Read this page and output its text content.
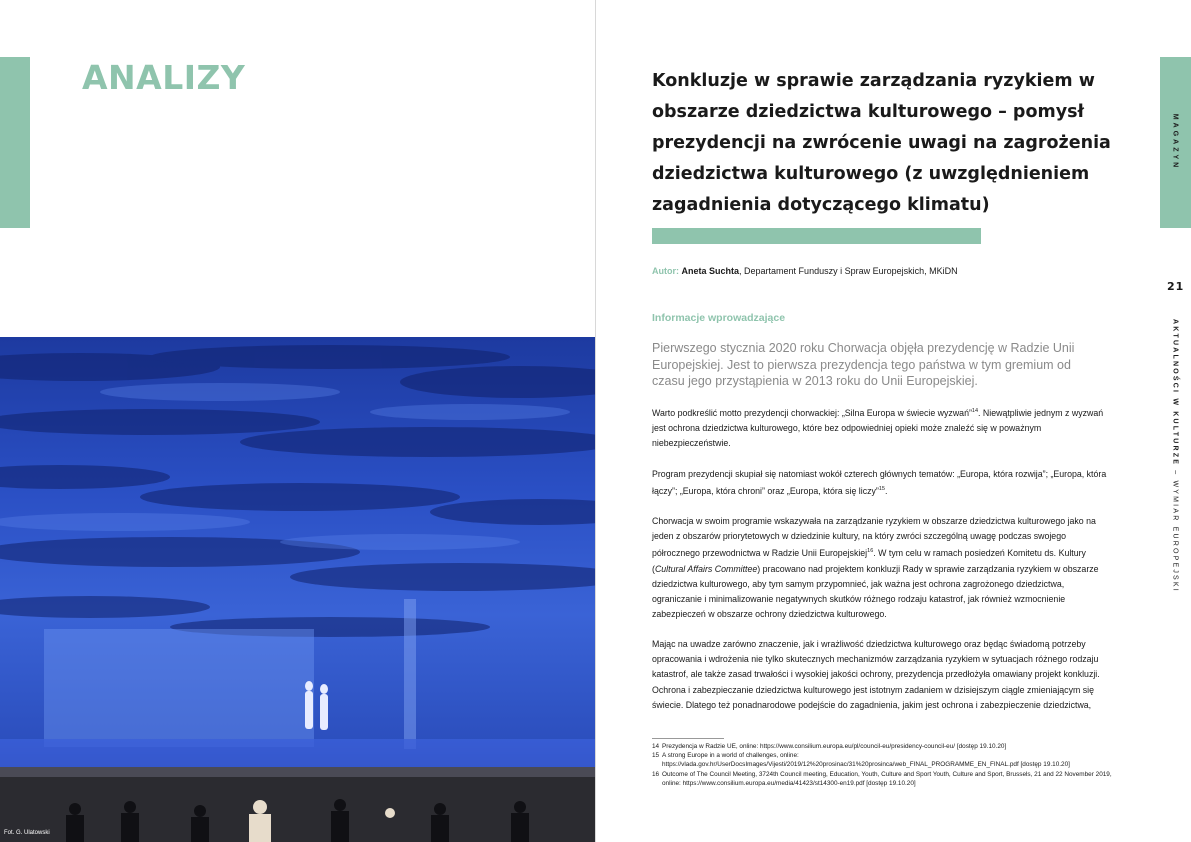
ANALIZY
Fot. G. Ulatowski
Konkluzje w sprawie zarządzania ryzykiem w obszarze dziedzictwa kulturowego – pomysł prezydencji na zwrócenie uwagi na zagrożenia dziedzictwa kulturowego (z uwzględnieniem zagadnienia dotyczącego klimatu)
Autor: Aneta Suchta, Departament Funduszy i Spraw Europejskich, MKiDN
Informacje wprowadzające

Pierwszego stycznia 2020 roku Chorwacja objęła prezydencję w Radzie Unii Europejskiej. Jest to pierwsza prezydencja tego państwa w tym gremium od czasu jego przystąpienia w 2013 roku do Unii Europejskiej.

Warto podkreślić motto prezydencji chorwackiej: „Silna Europa w świecie wyzwań”$^{14}$. Niewątpliwie jednym z wyzwań jest ochrona dziedzictwa kulturowego, które bez odpowiedniej opieki może znaleźć się w poważnym niebezpieczeństwie.

Program prezydencji skupiał się natomiast wokół czterech głównych tematów: „Europa, która rozwija”; „Europa, która łączy”; „Europa, która chroni” oraz „Europa, która się liczy”$^{15}$.

Chorwacja w swoim programie wskazywała na zarządzanie ryzykiem w obszarze dziedzictwa kulturowego jako na jeden z obszarów priorytetowych w dziedzinie kultury, na który zwróci szczególną uwagę podczas swojego półrocznego przewodnictwa w Radzie Unii Europejskiej$^{16}$. W tym celu w ramach posiedzeń Komitetu ds. Kultury (Cultural Affairs Committee) pracowano nad projektem konkluzji Rady w sprawie zarządzania ryzykiem w obszarze dziedzictwa kulturowego, aby tym samym przypomnieć, jak ważna jest ochrona zagrożonego dziedzictwa, ograniczanie i minimalizowanie negatywnych skutków różnego rodzaju katastrof, jak również wzmocnienie zabezpieczeń w obszarze ochrony dziedzictwa kulturowego.

Mając na uwadze zarówno znaczenie, jak i wrażliwość dziedzictwa kulturowego oraz będąc świadomą potrzeby opracowania i wdrożenia nie tylko skutecznych mechanizmów zarządzania ryzykiem w sytuacjach różnego rodzaju katastrof, ale także zasad trwałości i wysokiej jakości ochrony, prezydencja przedłożyła omawiany projekt konkluzji. Ochrona i zabezpieczanie dziedzictwa kulturowego jest istotnym zadaniem w dzisiejszym ciągle zmieniającym się świecie. Dlatego też ponadnarodowe podejście do zagadnienia, jakim jest ochrona i zabezpieczenie dziedzictwa,

14 Prezydencja w Radzie UE, online: https://www.consilium.europa.eu/pl/council-eu/presidency-council-eu/ [dostęp 19.10.20]
15 A strong Europe in a world of challenges, online: https://vlada.gov.hr/UserDocsImages/Vijesti/2019/12%20prosinac/31%20prosinca/web_FINAL_PROGRAMME_EN_FINAL.pdf [dostęp 19.10.20]
16 Outcome of The Council Meeting, 3724th Council meeting, Education, Youth, Culture and Sport Youth, Culture and Sport, Brussels, 21 and 22 November 2019, online: https://www.consilium.europa.eu/media/41423/st14300-en19.pdf [dostęp 19.10.20]
MAGAZYN
21
AKTUALNOŚCI W KULTURZE – WYMIAR EUROPEJSKI
